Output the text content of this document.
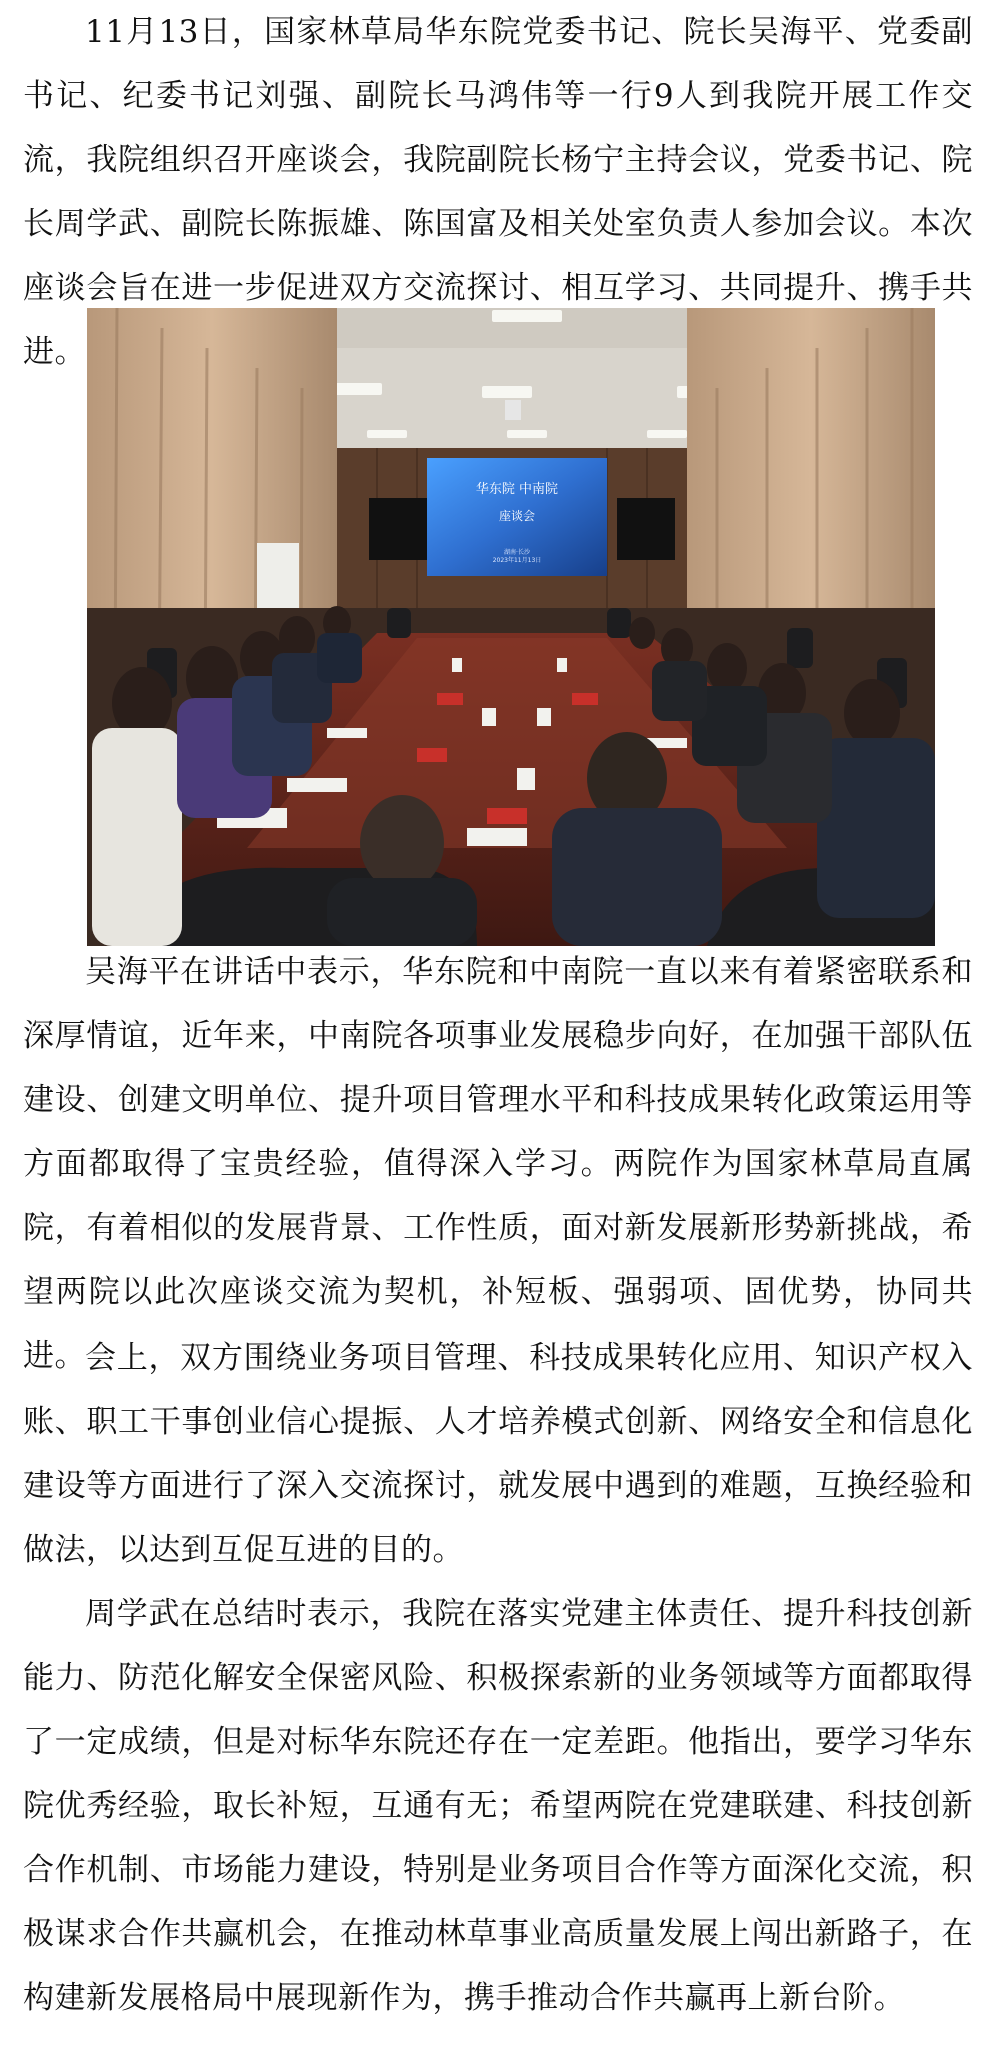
11月13日，国家林草局华东院党委书记、院长吴海平、党委副书记、纪委书记刘强、副院长马鸿伟等一行9人到我院开展工作交流，我院组织召开座谈会，我院副院长杨宁主持会议，党委书记、院长周学武、副院长陈振雄、陈国富及相关处室负责人参加会议。本次座谈会旨在进一步促进双方交流探讨、相互学习、共同提升、携手共进。

华东院 中南院
座谈会
湖南·长沙
2023年11月13日

吴海平在讲话中表示，华东院和中南院一直以来有着紧密联系和深厚情谊，近年来，中南院各项事业发展稳步向好，在加强干部队伍建设、创建文明单位、提升项目管理水平和科技成果转化政策运用等方面都取得了宝贵经验，值得深入学习。两院作为国家林草局直属院，有着相似的发展背景、工作性质，面对新发展新形势新挑战，希望两院以此次座谈交流为契机，补短板、强弱项、固优势，协同共进。 会上，双方围绕业务项目管理、科技成果转化应用、知识产权入账、职工干事创业信心提振、人才培养模式创新、网络安全和信息化建设等方面进行了深入交流探讨，就发展中遇到的难题，互换经验和做法，以达到互促互进的目的。

周学武在总结时表示，我院在落实党建主体责任、提升科技创新能力、防范化解安全保密风险、积极探索新的业务领域等方面都取得了一定成绩，但是对标华东院还存在一定差距。他指出，要学习华东院优秀经验，取长补短，互通有无；希望两院在党建联建、科技创新合作机制、市场能力建设，特别是业务项目合作等方面深化交流，积极谋求合作共赢机会，在推动林草事业高质量发展上闯出新路子，在构建新发展格局中展现新作为，携手推动合作共赢再上新台阶。
